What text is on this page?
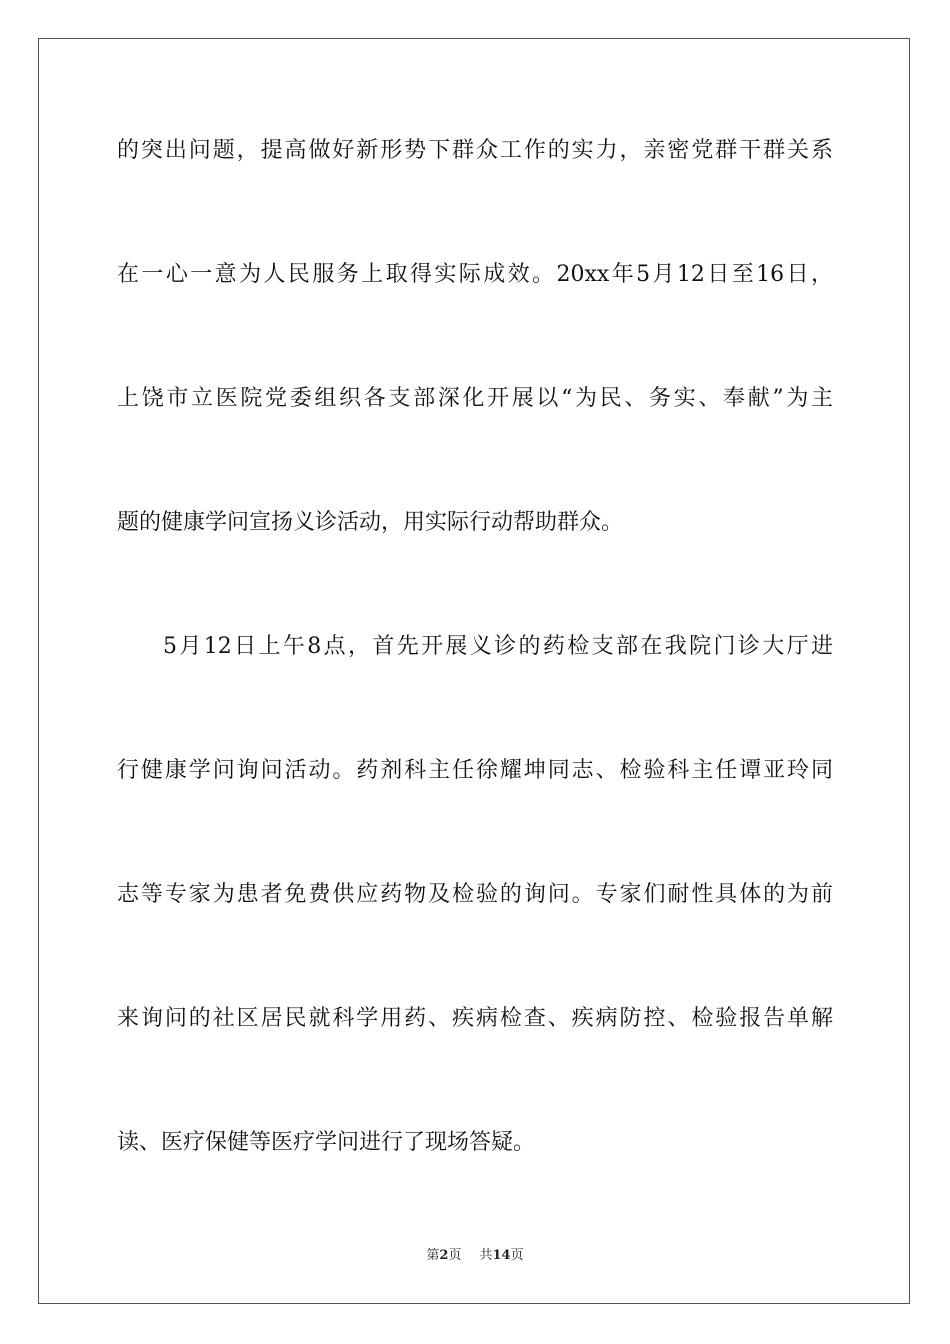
的突出问题，提高做好新形势下群众工作的实力，亲密党群干群关系
在一心一意为人民服务上取得实际成效。20xx年5月12日至16日，
上饶市立医院党委组织各支部深化开展以“为民、务实、奉献”为主
题的健康学问宣扬义诊活动，用实际行动帮助群众。
5月12日上午8点，首先开展义诊的药检支部在我院门诊大厅进
行健康学问询问活动。药剂科主任徐耀坤同志、检验科主任谭亚玲同
志等专家为患者免费供应药物及检验的询问。专家们耐性具体的为前
来询问的社区居民就科学用药、疾病检查、疾病防控、检验报告单解
读、医疗保健等医疗学问进行了现场答疑。
第2页 共14页
